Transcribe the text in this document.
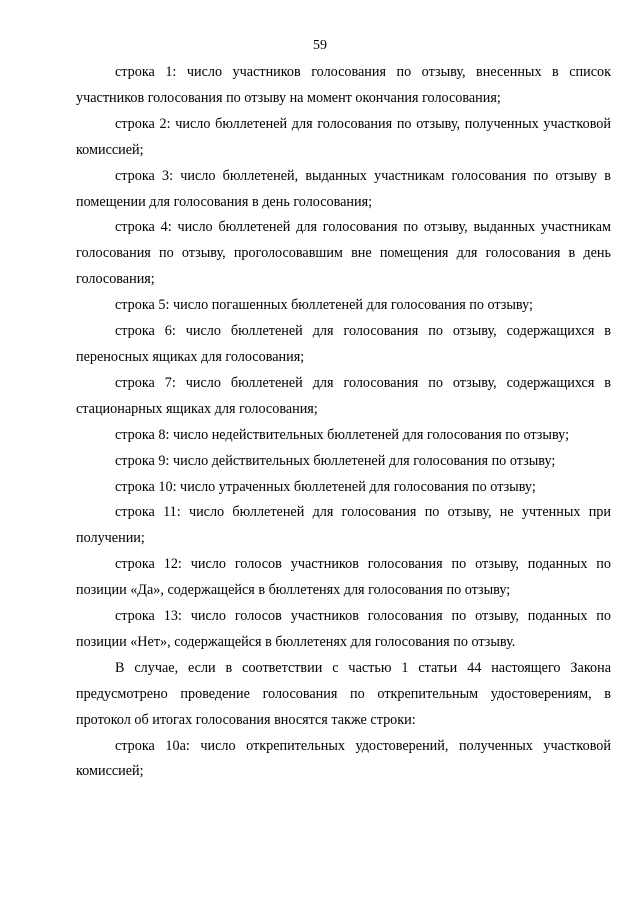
59

строка 1: число участников голосования по отзыву, внесенных в список участников голосования по отзыву на момент окончания голосования;

строка 2: число бюллетеней для голосования по отзыву, полученных участковой комиссией;

строка 3: число бюллетеней, выданных участникам голосования по отзыву в помещении для голосования в день голосования;

строка 4: число бюллетеней для голосования по отзыву, выданных участникам голосования по отзыву, проголосовавшим вне помещения для голосования в день голосования;

строка 5: число погашенных бюллетеней для голосования по отзыву;

строка 6: число бюллетеней для голосования по отзыву, содержащихся в переносных ящиках для голосования;

строка 7: число бюллетеней для голосования по отзыву, содержащихся в стационарных ящиках для голосования;

строка 8: число недействительных бюллетеней для голосования по отзыву;

строка 9: число действительных бюллетеней для голосования по отзыву;

строка 10: число утраченных бюллетеней для голосования по отзыву;

строка 11: число бюллетеней для голосования по отзыву, не учтенных при получении;

строка 12: число голосов участников голосования по отзыву, поданных по позиции «Да», содержащейся в бюллетенях для голосования по отзыву;

строка 13: число голосов участников голосования по отзыву, поданных по позиции «Нет», содержащейся в бюллетенях для голосования по отзыву.

В случае, если в соответствии с частью 1 статьи 44 настоящего Закона предусмотрено проведение голосования по открепительным удостоверениям, в протокол об итогах голосования вносятся также строки:

строка 10а: число открепительных удостоверений, полученных участковой комиссией;
